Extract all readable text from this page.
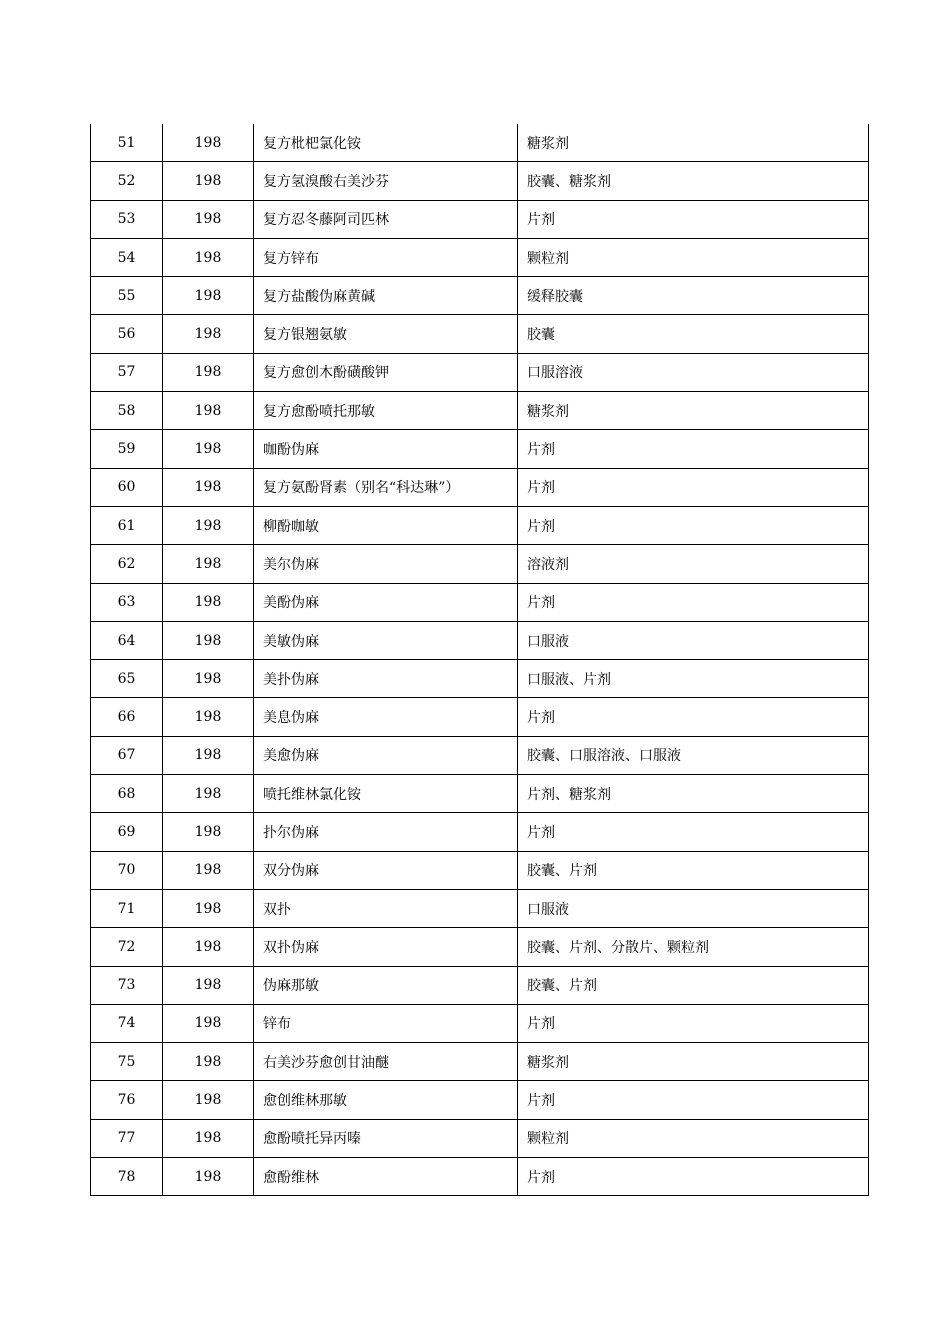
51	198	复方枇杷氯化铵	糖浆剂
52	198	复方氢溴酸右美沙芬	胶囊、糖浆剂
53	198	复方忍冬藤阿司匹林	片剂
54	198	复方锌布	颗粒剂
55	198	复方盐酸伪麻黄碱	缓释胶囊
56	198	复方银翘氨敏	胶囊
57	198	复方愈创木酚磺酸钾	口服溶液
58	198	复方愈酚喷托那敏	糖浆剂
59	198	咖酚伪麻	片剂
60	198	复方氨酚肾素（别名“科达琳”）	片剂
61	198	柳酚咖敏	片剂
62	198	美尔伪麻	溶液剂
63	198	美酚伪麻	片剂
64	198	美敏伪麻	口服液
65	198	美扑伪麻	口服液、片剂
66	198	美息伪麻	片剂
67	198	美愈伪麻	胶囊、口服溶液、口服液
68	198	喷托维林氯化铵	片剂、糖浆剂
69	198	扑尔伪麻	片剂
70	198	双分伪麻	胶囊、片剂
71	198	双扑	口服液
72	198	双扑伪麻	胶囊、片剂、分散片、颗粒剂
73	198	伪麻那敏	胶囊、片剂
74	198	锌布	片剂
75	198	右美沙芬愈创甘油醚	糖浆剂
76	198	愈创维林那敏	片剂
77	198	愈酚喷托异丙嗪	颗粒剂
78	198	愈酚维林	片剂
